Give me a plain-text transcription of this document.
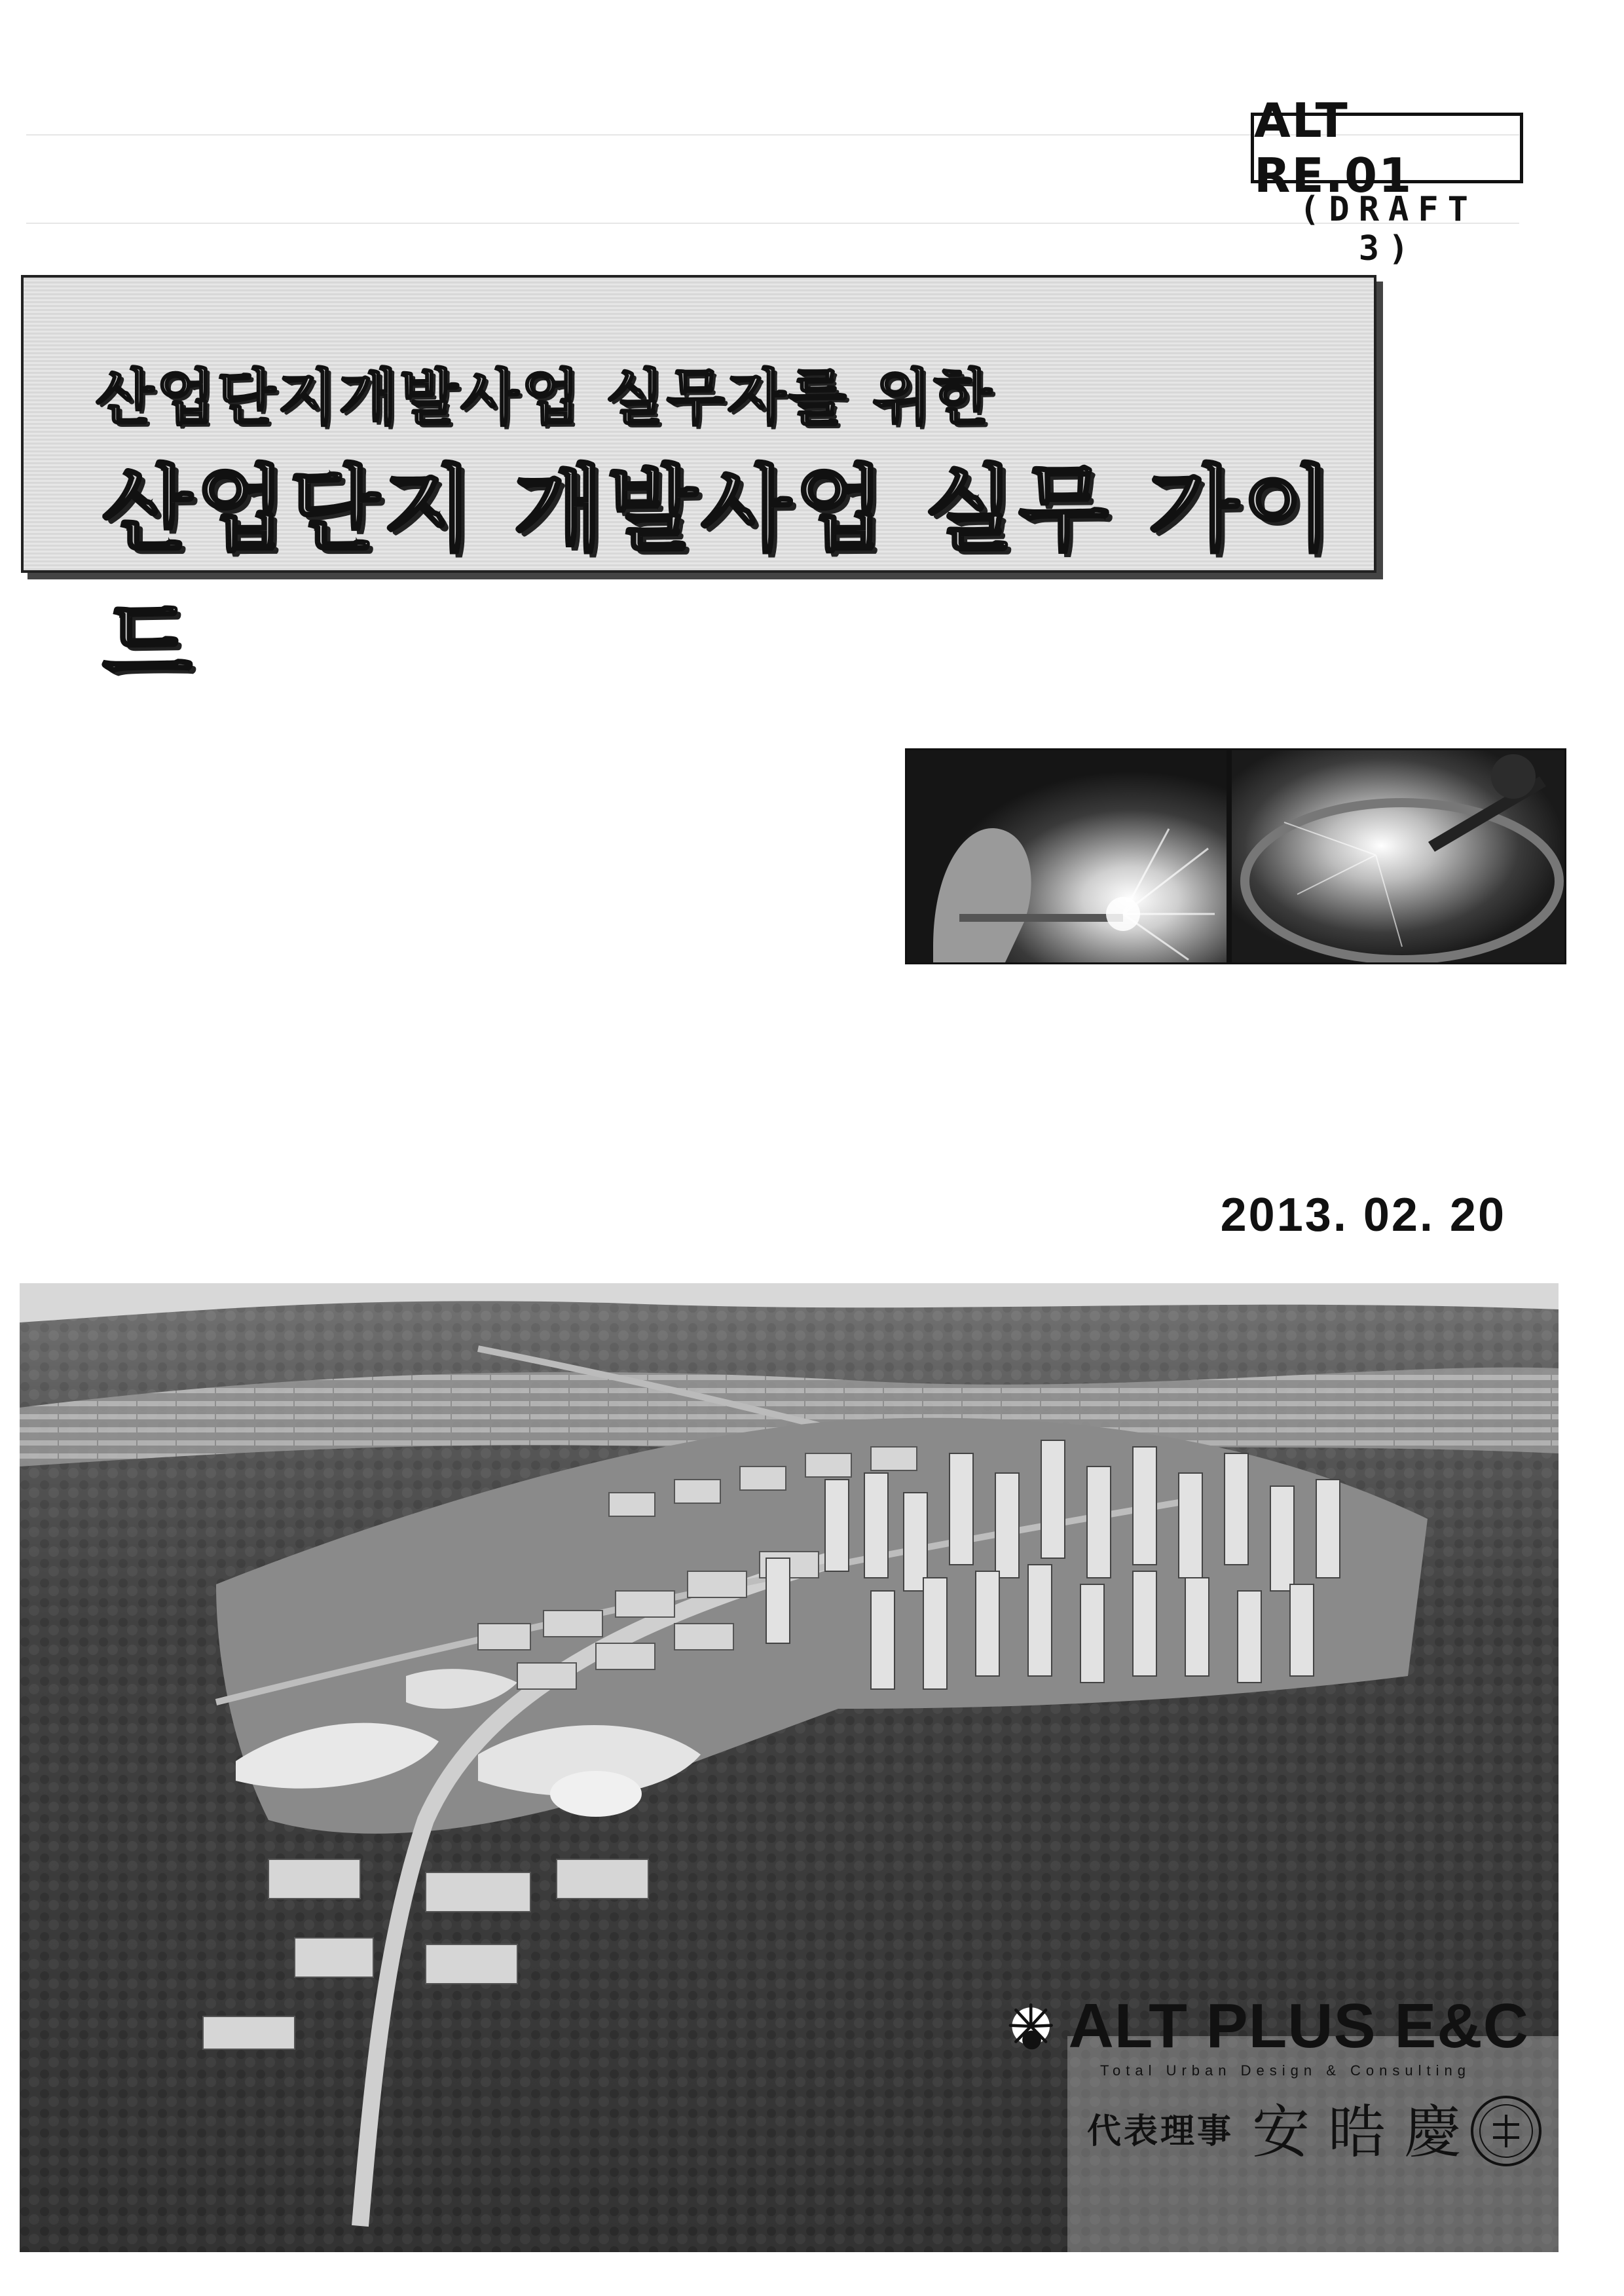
ALT RE.01
(DRAFT 3)
산업단지개발사업 실무자를 위한
산업단지 개발사업 실무 가이드
2013. 02. 20
ALT PLUS E&C
Total Urban Design & Consulting
代表理事 安晧慶
